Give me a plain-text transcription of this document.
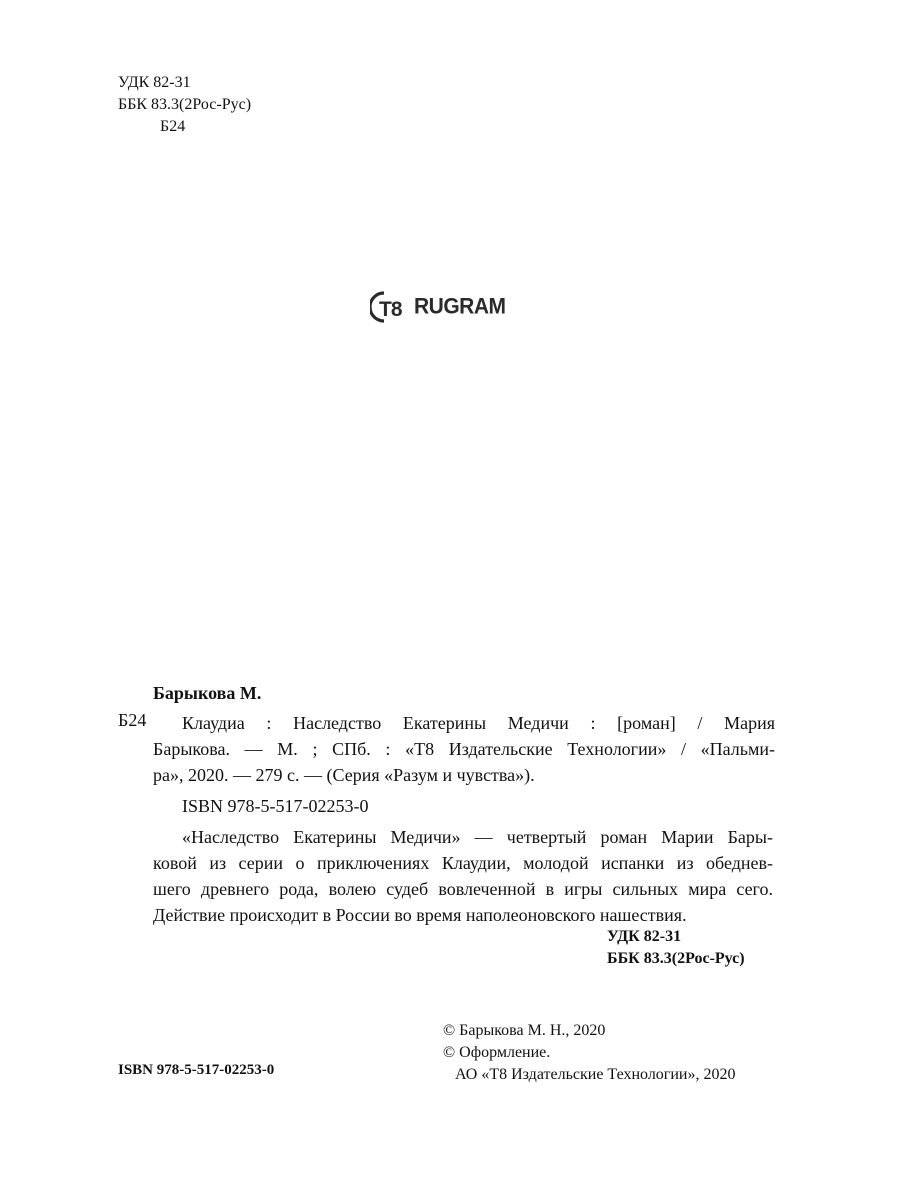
УДК 82-31
ББК 83.3(2Рос-Рус)
Б24
T8 RUGRAM
Барыкова М.
Б24	Клаудиа : Наследство Екатерины Медичи : [роман] / Мария
Барыкова. — М. ; СПб. : «Т8 Издательские Технологии» / «Пальми-
ра», 2020. — 279 с. — (Серия «Разум и чувства»).
ISBN 978-5-517-02253-0
«Наследство Екатерины Медичи» — четвертый роман Марии Бары-
ковой из серии о приключениях Клаудии, молодой испанки из обеднев-
шего древнего рода, волею судеб вовлеченной в игры сильных мира сего.
Действие происходит в России во время наполеоновского нашествия.
УДК 82-31
ББК 83.3(2Рос-Рус)
© Барыкова М. Н., 2020
© Оформление.
АО «Т8 Издательские Технологии», 2020
ISBN 978-5-517-02253-0
